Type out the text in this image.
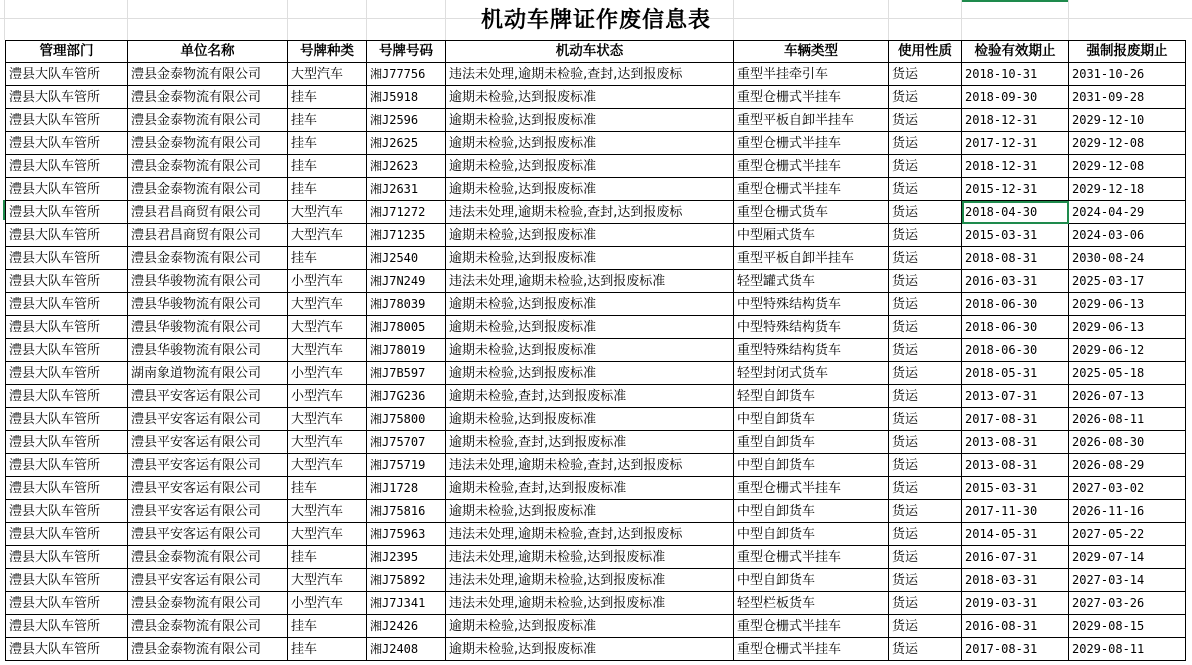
机动车牌证作废信息表
管理部门	单位名称	号牌种类	号牌号码	机动车状态	车辆类型	使用性质	检验有效期止	强制报废期止
澧县大队车管所	澧县金泰物流有限公司	大型汽车	湘J77756	违法未处理,逾期未检验,查封,达到报废标	重型半挂牵引车	货运	2018-10-31	2031-10-26
澧县大队车管所	澧县金泰物流有限公司	挂车	湘J5918	逾期未检验,达到报废标准	重型仓栅式半挂车	货运	2018-09-30	2031-09-28
澧县大队车管所	澧县金泰物流有限公司	挂车	湘J2596	逾期未检验,达到报废标准	重型平板自卸半挂车	货运	2018-12-31	2029-12-10
澧县大队车管所	澧县金泰物流有限公司	挂车	湘J2625	逾期未检验,达到报废标准	重型仓栅式半挂车	货运	2017-12-31	2029-12-08
澧县大队车管所	澧县金泰物流有限公司	挂车	湘J2623	逾期未检验,达到报废标准	重型仓栅式半挂车	货运	2018-12-31	2029-12-08
澧县大队车管所	澧县金泰物流有限公司	挂车	湘J2631	逾期未检验,达到报废标准	重型仓栅式半挂车	货运	2015-12-31	2029-12-18
澧县大队车管所	澧县君昌商贸有限公司	大型汽车	湘J71272	违法未处理,逾期未检验,查封,达到报废标	重型仓栅式货车	货运	2018-04-30	2024-04-29
澧县大队车管所	澧县君昌商贸有限公司	大型汽车	湘J71235	逾期未检验,达到报废标准	中型厢式货车	货运	2015-03-31	2024-03-06
澧县大队车管所	澧县金泰物流有限公司	挂车	湘J2540	逾期未检验,达到报废标准	重型平板自卸半挂车	货运	2018-08-31	2030-08-24
澧县大队车管所	澧县华骏物流有限公司	小型汽车	湘J7N249	违法未处理,逾期未检验,达到报废标准	轻型罐式货车	货运	2016-03-31	2025-03-17
澧县大队车管所	澧县华骏物流有限公司	大型汽车	湘J78039	逾期未检验,达到报废标准	中型特殊结构货车	货运	2018-06-30	2029-06-13
澧县大队车管所	澧县华骏物流有限公司	大型汽车	湘J78005	逾期未检验,达到报废标准	中型特殊结构货车	货运	2018-06-30	2029-06-13
澧县大队车管所	澧县华骏物流有限公司	大型汽车	湘J78019	逾期未检验,达到报废标准	重型特殊结构货车	货运	2018-06-30	2029-06-12
澧县大队车管所	湖南象道物流有限公司	小型汽车	湘J7B597	逾期未检验,达到报废标准	轻型封闭式货车	货运	2018-05-31	2025-05-18
澧县大队车管所	澧县平安客运有限公司	小型汽车	湘J7G236	逾期未检验,查封,达到报废标准	轻型自卸货车	货运	2013-07-31	2026-07-13
澧县大队车管所	澧县平安客运有限公司	大型汽车	湘J75800	逾期未检验,达到报废标准	中型自卸货车	货运	2017-08-31	2026-08-11
澧县大队车管所	澧县平安客运有限公司	大型汽车	湘J75707	逾期未检验,查封,达到报废标准	重型自卸货车	货运	2013-08-31	2026-08-30
澧县大队车管所	澧县平安客运有限公司	大型汽车	湘J75719	违法未处理,逾期未检验,查封,达到报废标	中型自卸货车	货运	2013-08-31	2026-08-29
澧县大队车管所	澧县平安客运有限公司	挂车	湘J1728	逾期未检验,查封,达到报废标准	重型仓栅式半挂车	货运	2015-03-31	2027-03-02
澧县大队车管所	澧县平安客运有限公司	大型汽车	湘J75816	逾期未检验,达到报废标准	中型自卸货车	货运	2017-11-30	2026-11-16
澧县大队车管所	澧县平安客运有限公司	大型汽车	湘J75963	违法未处理,逾期未检验,查封,达到报废标	中型自卸货车	货运	2014-05-31	2027-05-22
澧县大队车管所	澧县金泰物流有限公司	挂车	湘J2395	违法未处理,逾期未检验,达到报废标准	重型仓栅式半挂车	货运	2016-07-31	2029-07-14
澧县大队车管所	澧县平安客运有限公司	大型汽车	湘J75892	违法未处理,逾期未检验,达到报废标准	中型自卸货车	货运	2018-03-31	2027-03-14
澧县大队车管所	澧县金泰物流有限公司	小型汽车	湘J7J341	违法未处理,逾期未检验,达到报废标准	轻型栏板货车	货运	2019-03-31	2027-03-26
澧县大队车管所	澧县金泰物流有限公司	挂车	湘J2426	逾期未检验,达到报废标准	重型仓栅式半挂车	货运	2016-08-31	2029-08-15
澧县大队车管所	澧县金泰物流有限公司	挂车	湘J2408	逾期未检验,达到报废标准	重型仓栅式半挂车	货运	2017-08-31	2029-08-11
